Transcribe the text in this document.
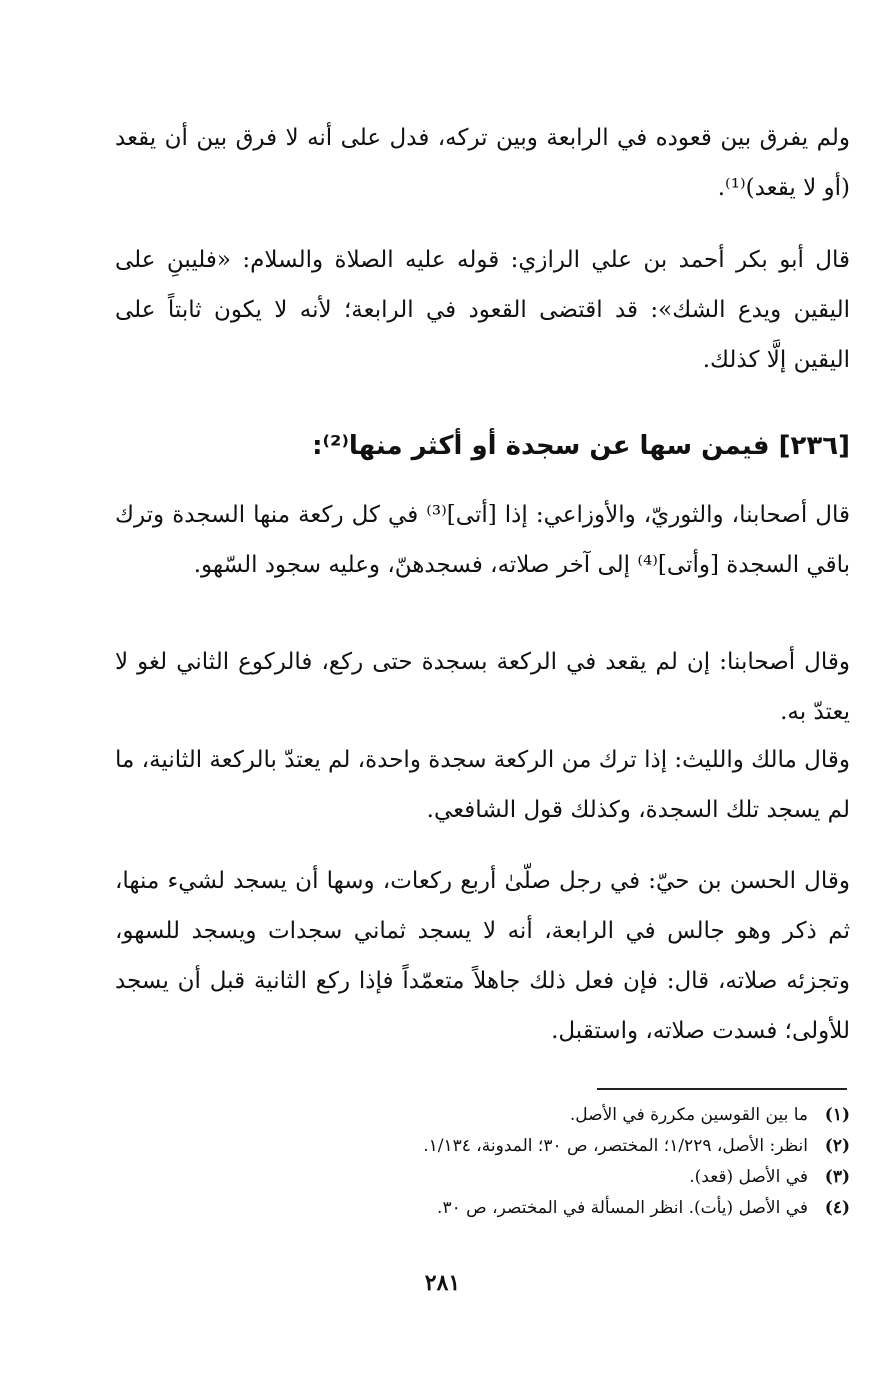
ولم يفرق بين قعوده في الرابعة وبين تركه، فدل على أنه لا فرق بين أن يقعد (أو لا يقعد)⁽¹⁾.
قال أبو بكر أحمد بن علي الرازي: قوله عليه الصلاة والسلام: «فليبنِ على اليقين ويدع الشك»: قد اقتضى القعود في الرابعة؛ لأنه لا يكون ثابتاً على اليقين إلَّا كذلك.
[٢٣٦] فيمن سها عن سجدة أو أكثر منها⁽²⁾:
قال أصحابنا، والثوريّ، والأوزاعي: إذا [أتى]⁽³⁾ في كل ركعة منها السجدة وترك باقي السجدة [وأتى]⁽⁴⁾ إلى آخر صلاته، فسجدهنّ، وعليه سجود السّهو.
وقال أصحابنا: إن لم يقعد في الركعة بسجدة حتى ركع، فالركوع الثاني لغو لا يعتدّ به.
وقال مالك والليث: إذا ترك من الركعة سجدة واحدة، لم يعتدّ بالركعة الثانية، ما لم يسجد تلك السجدة، وكذلك قول الشافعي.
وقال الحسن بن حيّ: في رجل صلّىٰ أربع ركعات، وسها أن يسجد لشيء منها، ثم ذكر وهو جالس في الرابعة، أنه لا يسجد ثماني سجدات ويسجد للسهو، وتجزئه صلاته، قال: فإن فعل ذلك جاهلاً متعمّداً فإذا ركع الثانية قبل أن يسجد للأولى؛ فسدت صلاته، واستقبل.
(١)
ما بين القوسين مكررة في الأصل.
(٢)
انظر: الأصل، ١/٢٢٩؛ المختصر، ص ٣٠؛ المدونة، ١/١٣٤.
(٣)
في الأصل (قعد).
(٤)
في الأصل (يأت). انظر المسألة في المختصر، ص ٣٠.
٢٨١
